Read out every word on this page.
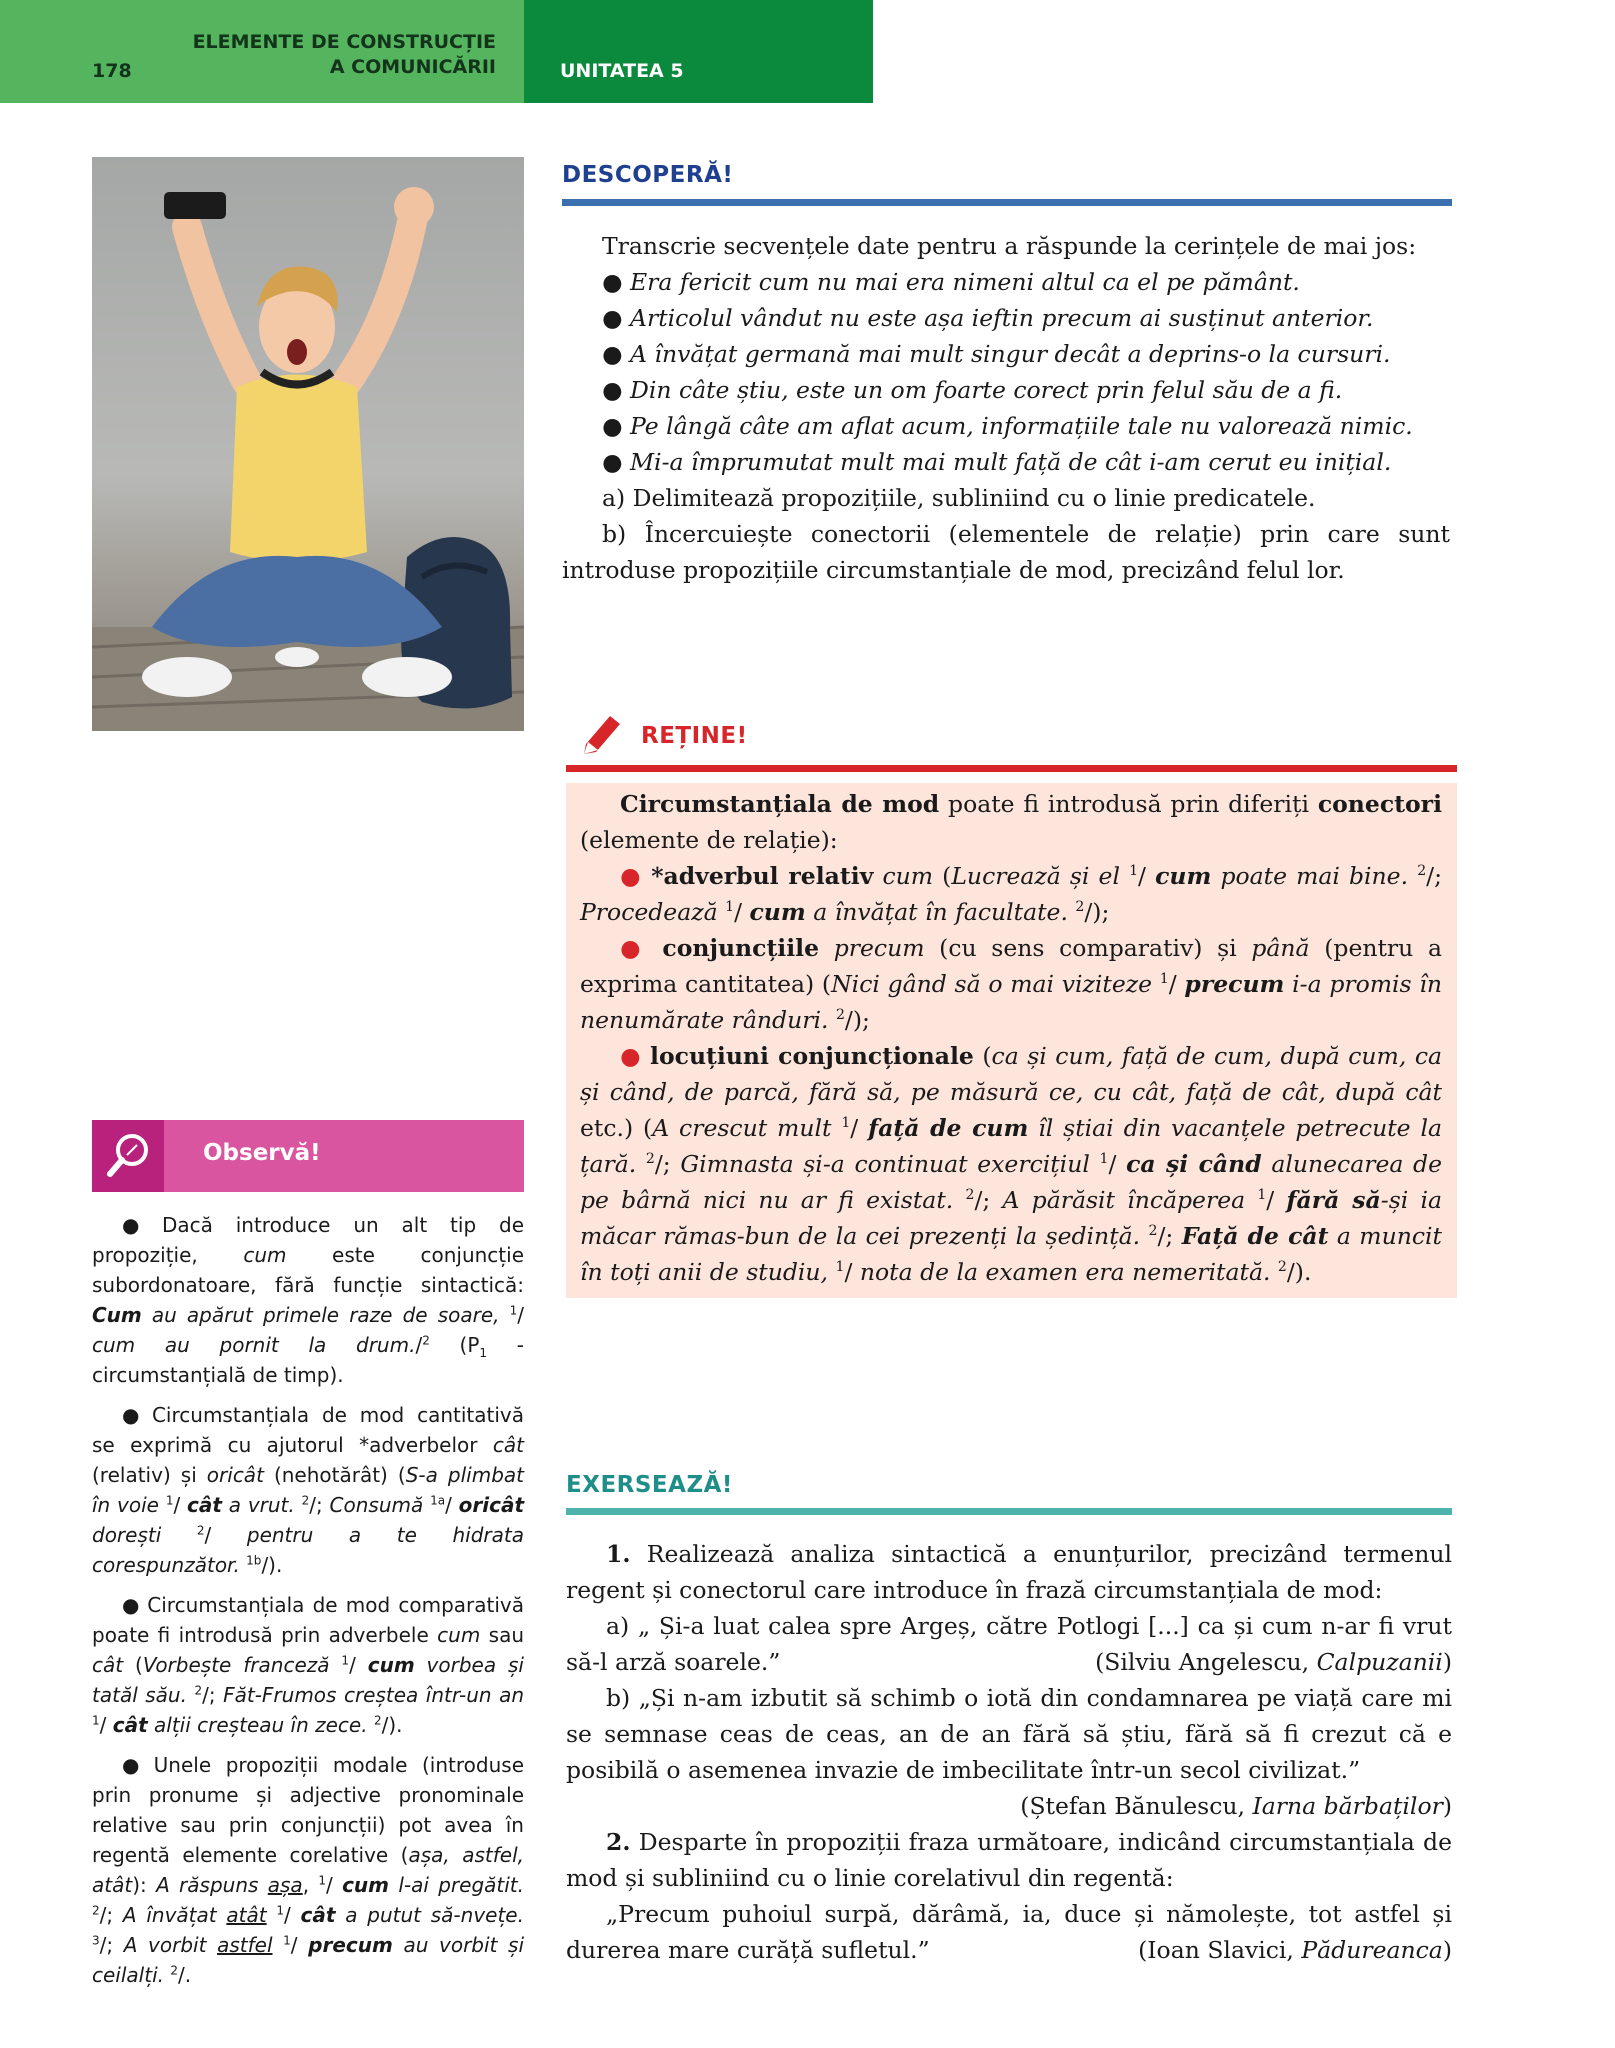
178
ELEMENTE DE CONSTRUCȚIE
A COMUNICĂRII	UNITATEA 5
DESCOPERĂ!

Transcrie secvențele date pentru a răspunde la cerințele de mai jos:

● Era fericit cum nu mai era nimeni altul ca el pe pământ.

● Articolul vândut nu este așa ieftin precum ai susținut anterior.

● A învățat germană mai mult singur decât a deprins-o la cursuri.

● Din câte știu, este un om foarte corect prin felul său de a fi.

● Pe lângă câte am aflat acum, informațiile tale nu valorează nimic.

● Mi-a împrumutat mult mai mult față de cât i-am cerut eu inițial.

a) Delimitează propozițiile, subliniind cu o linie predicatele.

b) Încercuiește conectorii (elementele de relație) prin care sunt introduse propozițiile circumstanțiale de mod, precizând felul lor.

REȚINE!

Circumstanțiala de mod poate fi introdusă prin diferiți conectori (elemente de relație):

● *adverbul relativ cum (Lucrează și el $^1$/ cum poate mai bine. $^2$/; Procedează $^1$/ cum a învățat în facultate. $^2$/);

● conjuncțiile precum (cu sens comparativ) și până (pentru a exprima cantitatea) (Nici gând să o mai viziteze $^1$/ precum i-a promis în nenumărate rânduri. $^2$/);

● locuțiuni conjuncționale (ca și cum, față de cum, după cum, ca și când, de parcă, fără să, pe măsură ce, cu cât, față de cât, după cât etc.) (A crescut mult $^1$/ față de cum îl știai din vacanțele petrecute la țară. $^2$/; Gimnasta și-a continuat exercițiul $^1$/ ca și când alunecarea de pe bârnă nici nu ar fi existat. $^2$/; A părăsit încăperea $^1$/ fără să-și ia măcar rămas-bun de la cei prezenți la ședință. $^2$/; Față de cât a muncit în toți anii de studiu, $^1$/ nota de la examen era nemeritată. $^2$/).

Observă!

● Dacă introduce un alt tip de propoziție, cum este conjuncție subordonatoare, fără funcție sintactică: Cum au apărut primele raze de soare, $^1$/ cum au pornit la drum./$^2$ ($P_1$ - circumstanțială de timp).

● Circumstanțiala de mod cantitativă se exprimă cu ajutorul *adverbelor cât (relativ) și oricât (nehotărât) (S-a plimbat în voie $^1$/ cât a vrut. $^2$/; Consumă $^{1a}$/ oricât dorești	$^2$/ pentru a te hidrata corespunzător. $^{1b}$/).

● Circumstanțiala de mod comparativă poate fi introdusă prin adverbele cum sau cât (Vorbește franceză $^1$/ cum vorbea și tatăl său. $^2$/; Făt-Frumos creștea într-un an $^1$/ cât alții creșteau în zece. $^2$/).

● Unele propoziții modale (introduse prin pronume și adjective pronominale relative sau prin conjuncții) pot avea în regentă elemente corelative (așa, astfel, atât): A răspuns așa, $^1$/ cum l-ai pregătit. $^2$/; A învățat atât $^1$/ cât a putut să-nvețe. $^3$/; A vorbit astfel $^1$/ precum au vorbit și ceilalți. $^2$/.

EXERSEAZĂ!

1. Realizează analiza sintactică a enunțurilor, precizând termenul regent și conectorul care introduce în frază circumstanțiala de mod:

a) „ Și-a luat calea spre Argeș, către Potlogi [...] ca și cum n-ar fi vrut să-l arză soarele.”	(Silviu Angelescu, Calpuzanii)

b) „Și n-am izbutit să schimb o iotă din condamnarea pe viață care mi se semnase ceas de ceas, an de an fără să știu, fără să fi crezut că e posibilă o asemenea invazie de imbecilitate într-un secol civilizat.”

(Ștefan Bănulescu, Iarna bărbaților)

2. Desparte în propoziții fraza următoare, indicând circumstanțiala de mod și subliniind cu o linie corelativul din regentă:

„Precum puhoiul surpă, dărâmă, ia, duce și nămolește, tot astfel și durerea mare curăță sufletul.”	(Ioan Slavici, Pădureanca)
